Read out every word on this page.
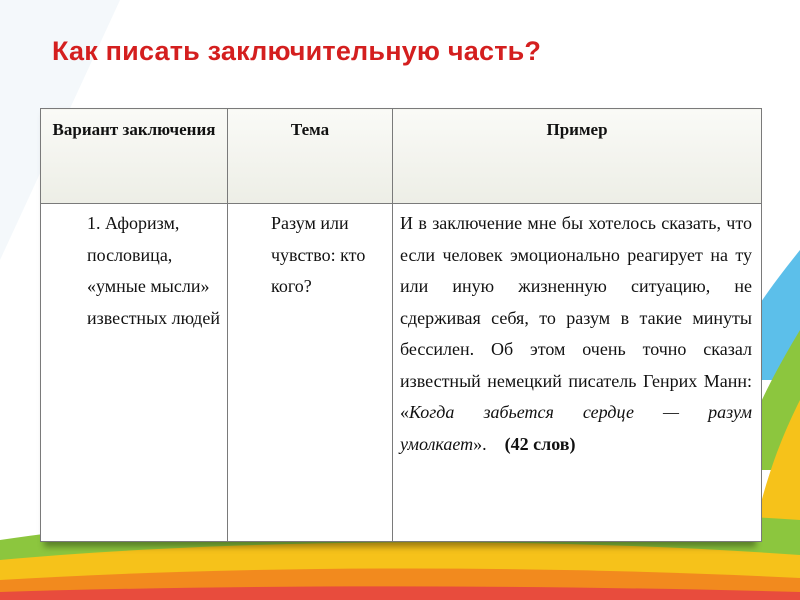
Как писать заключительную часть?
Вариант заключения	Тема	Пример

1. Афоризм, пословица, «умные мысли» известных людей	Разум или чувство: кто кого?	И в заключение мне бы хотелось сказать, что если человек эмоционально реагирует на ту или иную жизненную ситуацию, не сдерживая себя, то разум в такие минуты бессилен. Об этом очень точно сказал известный немецкий писатель Генрих Манн: «Когда забьется сердце — разум умолкает». (42 слов)
